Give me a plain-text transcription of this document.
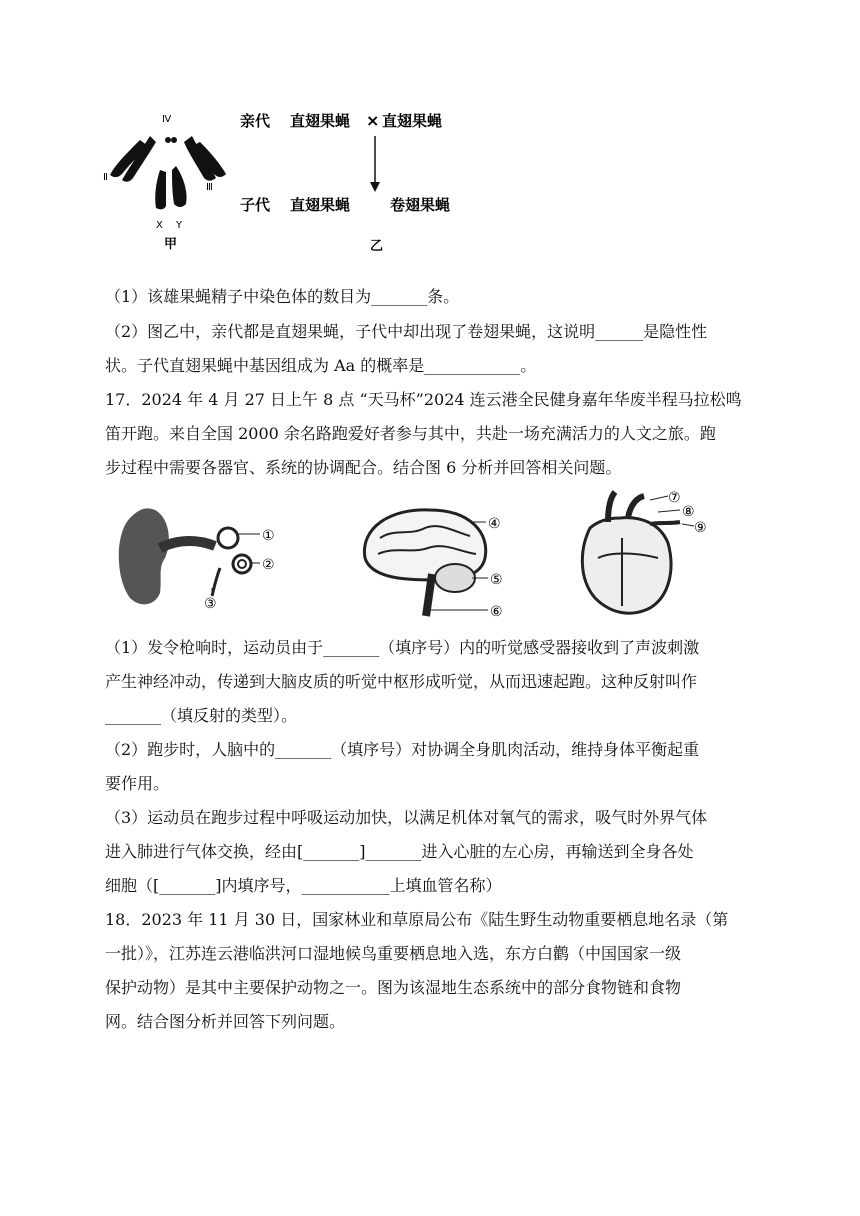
Ⅳ
Ⅱ
Ⅲ
X Y
甲
亲代 直翅果蝇 × 直翅果蝇
子代 直翅果蝇	卷翅果蝇
乙
（1）该雄果蝇精子中染色体的数目为_______条。
（2）图乙中，亲代都是直翅果蝇，子代中却出现了卷翅果蝇，这说明______是隐性性
状。子代直翅果蝇中基因组成为 Aa 的概率是____________。
17．2024 年 4 月 27 日上午 8 点 “天马杯”2024 连云港全民健身嘉年华废半程马拉松鸣
笛开跑。来自全国 2000 余名路跑爱好者参与其中，共赴一场充满活力的人文之旅。跑
步过程中需要各器官、系统的协调配合。结合图 6 分析并回答相关问题。
①
②
③
④
⑤
⑥
⑦
⑧
⑨
（1）发令枪响时，运动员由于_______（填序号）内的听觉感受器接收到了声波刺激
产生神经冲动，传递到大脑皮质的听觉中枢形成听觉，从而迅速起跑。这种反射叫作
_______（填反射的类型）。
（2）跑步时，人脑中的_______（填序号）对协调全身肌肉活动，维持身体平衡起重
要作用。
（3）运动员在跑步过程中呼吸运动加快，以满足机体对氧气的需求，吸气时外界气体
进入肺进行气体交换，经由[_______]_______进入心脏的左心房，再输送到全身各处
细胞（[_______]内填序号，___________上填血管名称）
18．2023 年 11 月 30 日，国家林业和草原局公布《陆生野生动物重要栖息地名录（第
一批）》，江苏连云港临洪河口湿地候鸟重要栖息地入选，东方白鹳（中国国家一级
保护动物）是其中主要保护动物之一。图为该湿地生态系统中的部分食物链和食物
网。结合图分析并回答下列问题。
